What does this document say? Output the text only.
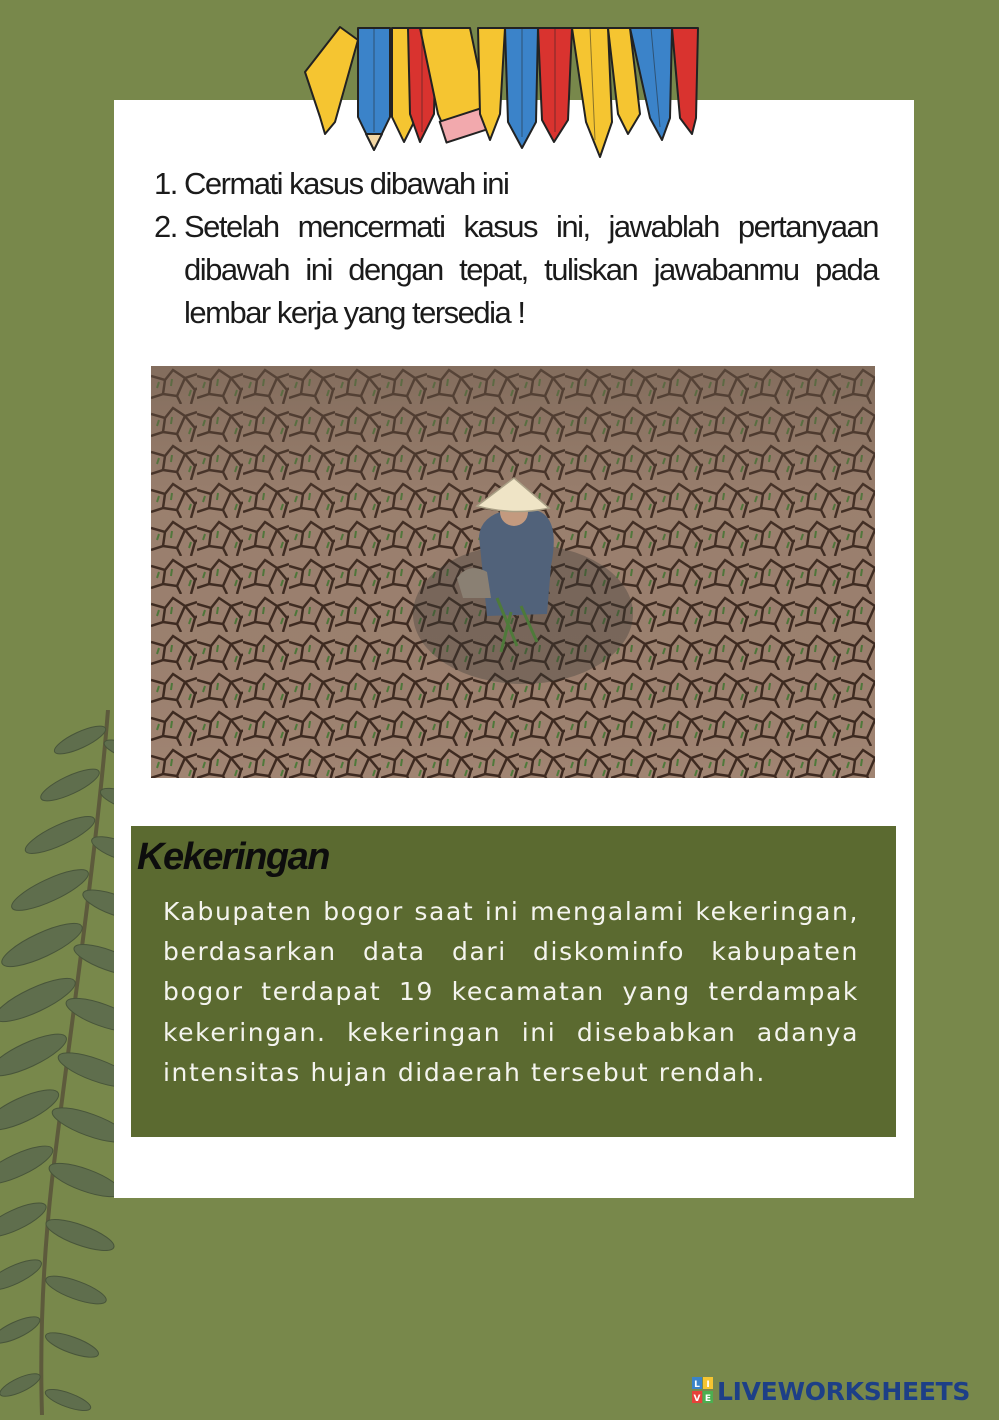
1. Cermati kasus dibawah ini
2. Setelah mencermati kasus ini, jawablah pertanyaan dibawah ini dengan tepat, tuliskan jawabanmu pada lembar kerja yang tersedia !
Kekeringan

Kabupaten bogor saat ini mengalami kekeringan, berdasarkan data dari diskominfo kabupaten bogor terdapat 19 kecamatan yang terdampak kekeringan. kekeringan ini disebabkan adanya intensitas hujan didaerah tersebut rendah.

L I
V E LIVEWORKSHEETS
